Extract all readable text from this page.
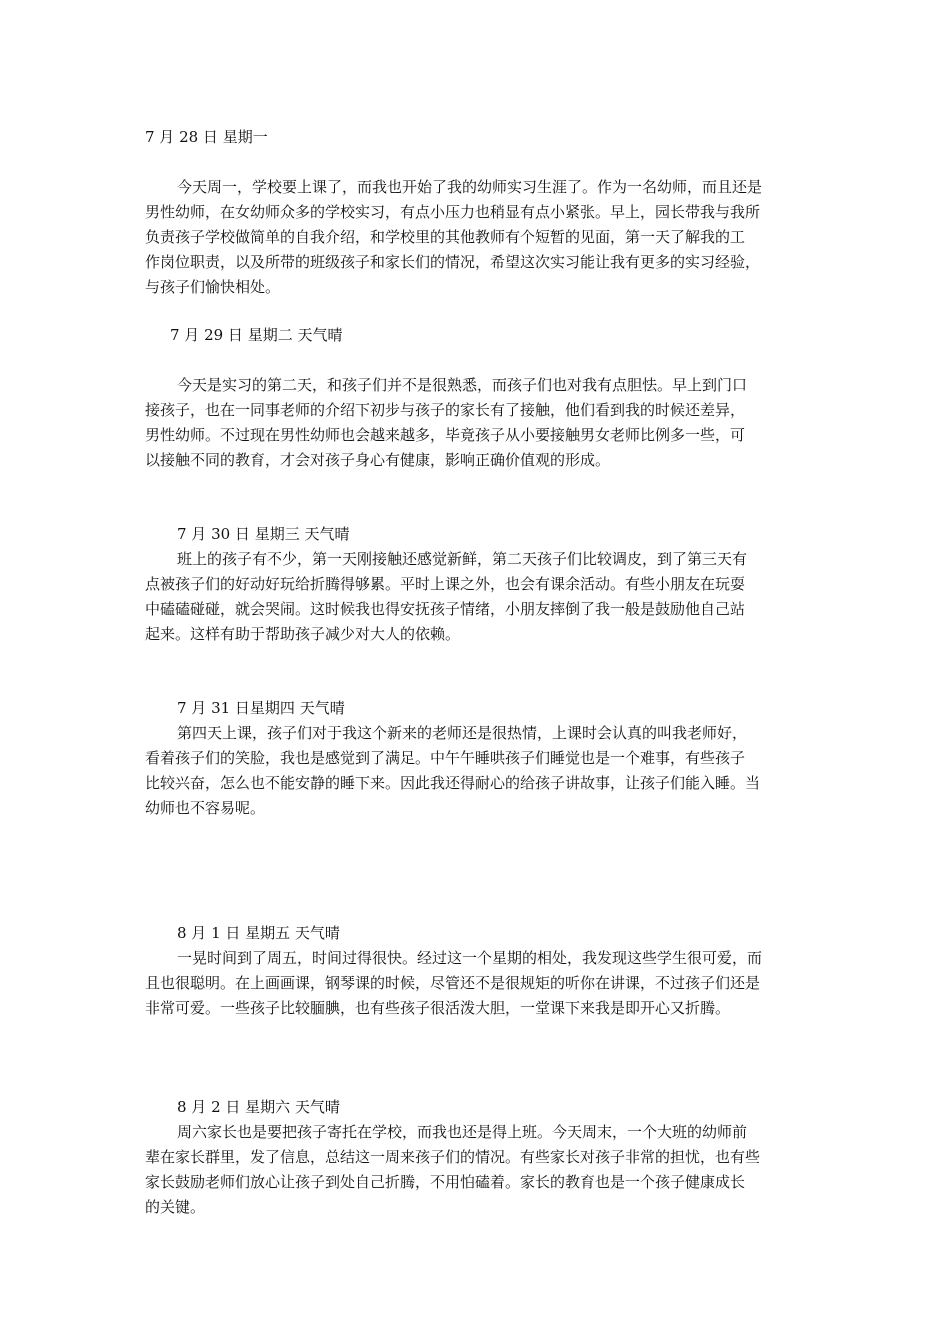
7 月 28 日 星期一
今天周一，学校要上课了，而我也开始了我的幼师实习生涯了。作为一名幼师，而且还是
男性幼师，在女幼师众多的学校实习，有点小压力也稍显有点小紧张。早上，园长带我与我所
负责孩子学校做简单的自我介绍，和学校里的其他教师有个短暂的见面，第一天了解我的工
作岗位职责，以及所带的班级孩子和家长们的情况，希望这次实习能让我有更多的实习经验，
与孩子们愉快相处。
7 月 29 日 星期二 天气晴
今天是实习的第二天，和孩子们并不是很熟悉，而孩子们也对我有点胆怯。早上到门口
接孩子，也在一同事老师的介绍下初步与孩子的家长有了接触，他们看到我的时候还差异，
男性幼师。不过现在男性幼师也会越来越多，毕竟孩子从小要接触男女老师比例多一些，可
以接触不同的教育，才会对孩子身心有健康，影响正确价值观的形成。
7 月 30 日 星期三 天气晴
班上的孩子有不少，第一天刚接触还感觉新鲜，第二天孩子们比较调皮，到了第三天有
点被孩子们的好动好玩给折腾得够累。平时上课之外，也会有课余活动。有些小朋友在玩耍
中磕磕碰碰，就会哭闹。这时候我也得安抚孩子情绪，小朋友摔倒了我一般是鼓励他自己站
起来。这样有助于帮助孩子减少对大人的依赖。
7 月 31 日星期四 天气晴
第四天上课，孩子们对于我这个新来的老师还是很热情，上课时会认真的叫我老师好，
看着孩子们的笑脸，我也是感觉到了满足。中午午睡哄孩子们睡觉也是一个难事，有些孩子
比较兴奋，怎么也不能安静的睡下来。因此我还得耐心的给孩子讲故事，让孩子们能入睡。当
幼师也不容易呢。
8 月 1 日 星期五 天气晴
一晃时间到了周五，时间过得很快。经过这一个星期的相处，我发现这些学生很可爱，而
且也很聪明。在上画画课，钢琴课的时候，尽管还不是很规矩的听你在讲课，不过孩子们还是
非常可爱。一些孩子比较腼腆，也有些孩子很活泼大胆，一堂课下来我是即开心又折腾。
8 月 2 日 星期六 天气晴
周六家长也是要把孩子寄托在学校，而我也还是得上班。今天周末，一个大班的幼师前
辈在家长群里，发了信息，总结这一周来孩子们的情况。有些家长对孩子非常的担忧，也有些
家长鼓励老师们放心让孩子到处自己折腾，不用怕磕着。家长的教育也是一个孩子健康成长
的关键。
